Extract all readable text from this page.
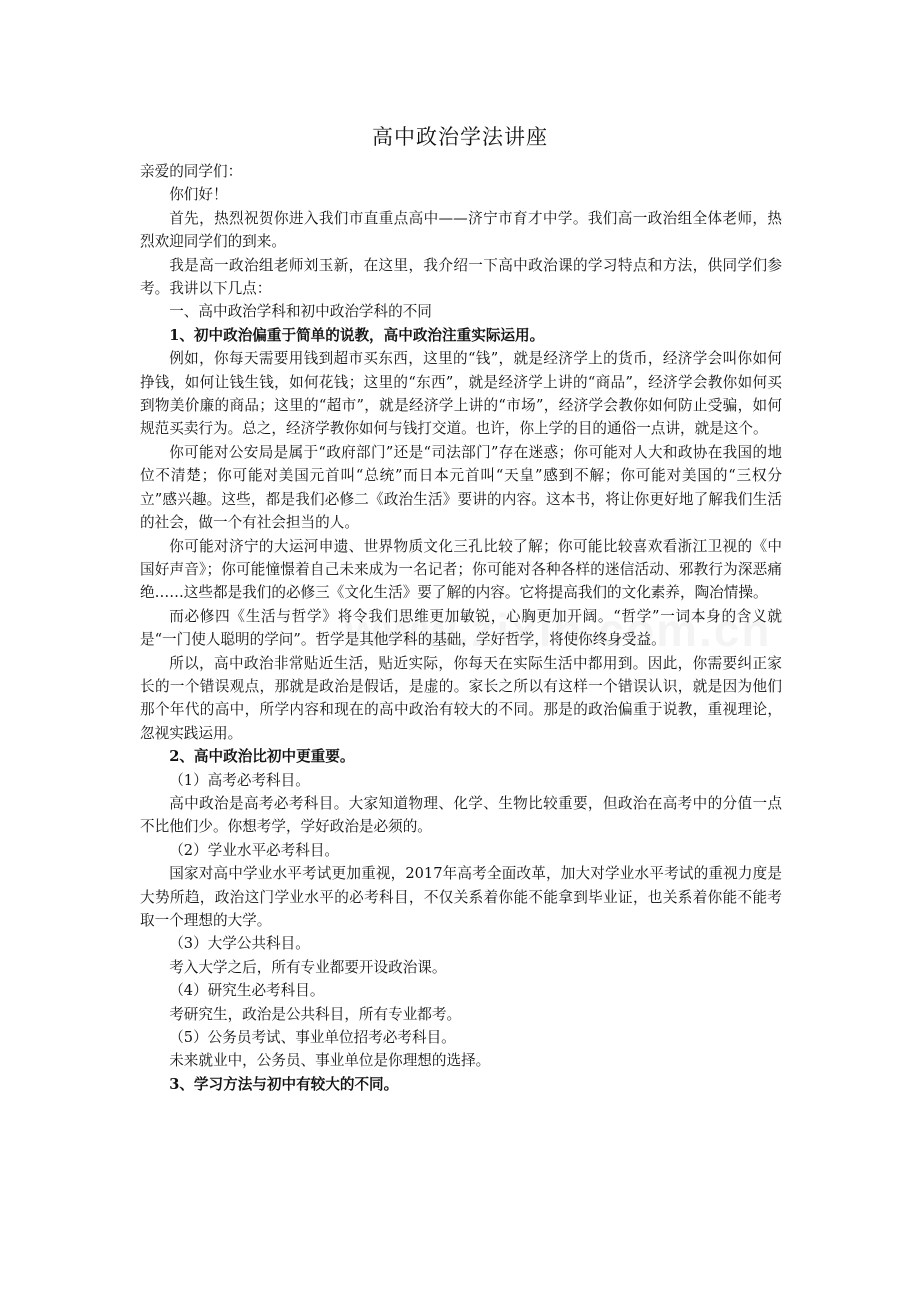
高中政治学法讲座

亲爱的同学们：

你们好！

首先，热烈祝贺你进入我们市直重点高中——济宁市育才中学。我们高一政治组全体老师，热烈欢迎同学们的到来。

我是高一政治组老师刘玉新，在这里，我介绍一下高中政治课的学习特点和方法，供同学们参考。我讲以下几点：

一、高中政治学科和初中政治学科的不同

1、初中政治偏重于简单的说教，高中政治注重实际运用。

例如，你每天需要用钱到超市买东西，这里的“钱”，就是经济学上的货币，经济学会叫你如何挣钱，如何让钱生钱，如何花钱；这里的“东西”，就是经济学上讲的“商品”，经济学会教你如何买到物美价廉的商品；这里的“超市”，就是经济学上讲的“市场”，经济学会教你如何防止受骗，如何规范买卖行为。总之，经济学教你如何与钱打交道。也许，你上学的目的通俗一点讲，就是这个。

你可能对公安局是属于“政府部门”还是“司法部门”存在迷惑；你可能对人大和政协在我国的地位不清楚；你可能对美国元首叫“总统”而日本元首叫“天皇”感到不解；你可能对美国的“三权分立”感兴趣。这些，都是我们必修二《政治生活》要讲的内容。这本书，将让你更好地了解我们生活的社会，做一个有社会担当的人。

你可能对济宁的大运河申遗、世界物质文化三孔比较了解；你可能比较喜欢看浙江卫视的《中国好声音》；你可能憧憬着自己未来成为一名记者；你可能对各种各样的迷信活动、邪教行为深恶痛绝……这些都是我们的必修三《文化生活》要了解的内容。它将提高我们的文化素养，陶冶情操。

而必修四《生活与哲学》将令我们思维更加敏锐，心胸更加开阔。“哲学”一词本身的含义就是“一门使人聪明的学问”。哲学是其他学科的基础，学好哲学，将使你终身受益。

所以，高中政治非常贴近生活，贴近实际，你每天在实际生活中都用到。因此，你需要纠正家长的一个错误观点，那就是政治是假话，是虚的。家长之所以有这样一个错误认识，就是因为他们那个年代的高中，所学内容和现在的高中政治有较大的不同。那是的政治偏重于说教，重视理论，忽视实践运用。

2、高中政治比初中更重要。

（1）高考必考科目。

高中政治是高考必考科目。大家知道物理、化学、生物比较重要，但政治在高考中的分值一点不比他们少。你想考学，学好政治是必须的。

（2）学业水平必考科目。

国家对高中学业水平考试更加重视，2017年高考全面改革，加大对学业水平考试的重视力度是大势所趋，政治这门学业水平的必考科目，不仅关系着你能不能拿到毕业证，也关系着你能不能考取一个理想的大学。

（3）大学公共科目。

考入大学之后，所有专业都要开设政治课。

（4）研究生必考科目。

考研究生，政治是公共科目，所有专业都考。

（5）公务员考试、事业单位招考必考科目。

未来就业中，公务员、事业单位是你理想的选择。

3、学习方法与初中有较大的不同。
